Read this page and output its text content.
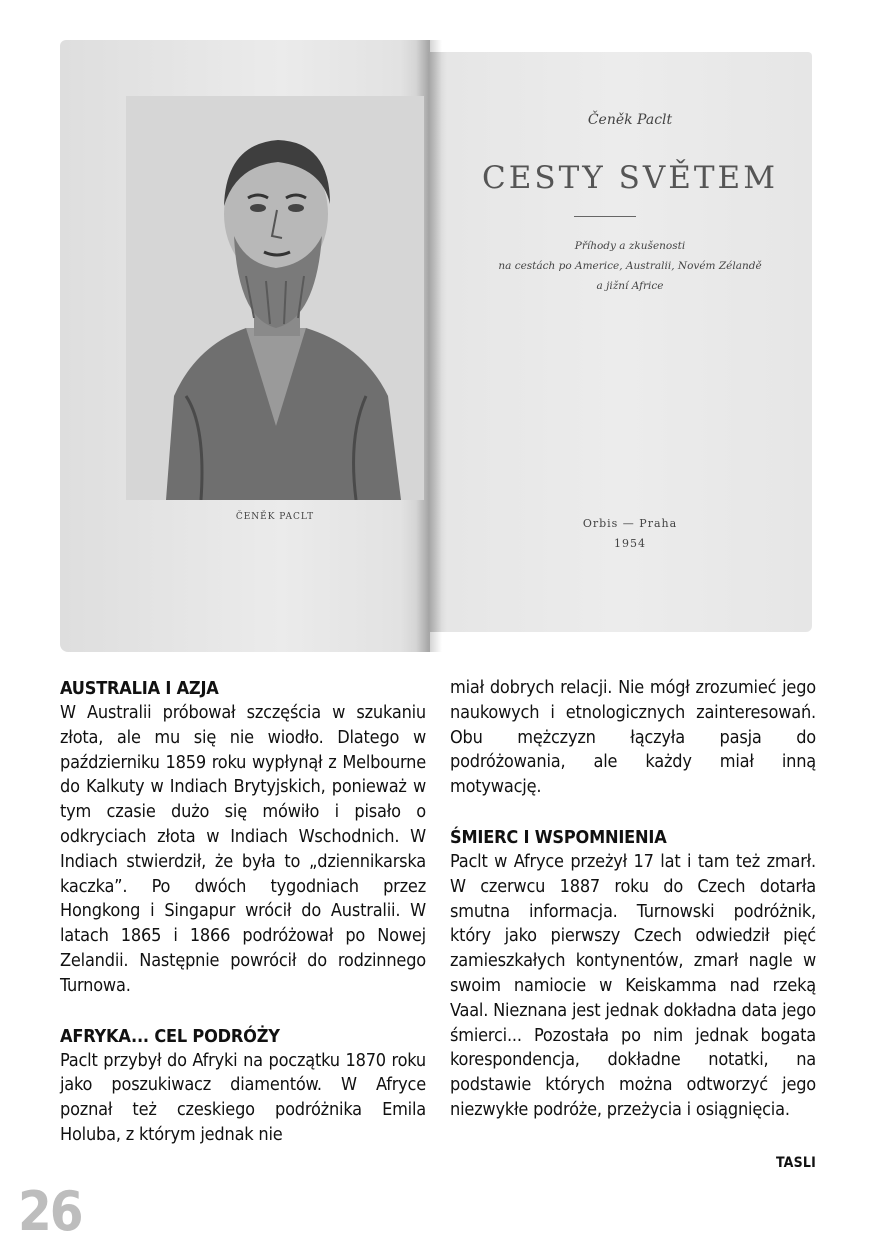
ČENĚK PACLT
Čeněk Paclt
CESTY SVĚTEM
Příhody a zkušenosti
na cestách po Americe, Australii, Novém Zélandě
a jižní Africe
Orbis — Praha
1954
AUSTRALIA I AZJA

W Australii próbował szczęścia w szukaniu złota, ale mu się nie wiodło. Dlatego w październiku 1859 roku wypłynął z Melbourne do Kalkuty w Indiach Brytyjskich, ponieważ w tym czasie dużo się mówiło i pisało o odkryciach złota w Indiach Wschodnich. W Indiach stwierdził, że była to „dziennikarska kaczka”. Po dwóch tygodniach przez Hongkong i Singapur wrócił do Australii. W latach 1865 i 1866 podróżował po Nowej Zelandii. Następnie powrócił do rodzinnego Turnowa.

AFRYKA... CEL PODRÓŻY

Paclt przybył do Afryki na początku 1870 roku jako poszukiwacz diamentów. W Afryce poznał też czeskiego podróżnika Emila Holuba, z którym jednak nie

miał dobrych relacji. Nie mógł zrozumieć jego naukowych i etnologicznych zainteresowań. Obu mężczyzn łączyła pasja do podróżowania, ale każdy miał inną motywację.

ŚMIERC I WSPOMNIENIA

Paclt w Afryce przeżył 17 lat i tam też zmarł. W czerwcu 1887 roku do Czech dotarła smutna informacja. Turnowski podróżnik, który jako pierwszy Czech odwiedził pięć zamieszkałych kontynentów, zmarł nagle w swoim namiocie w Keiskamma nad rzeką Vaal. Nieznana jest jednak dokładna data jego śmierci... Pozostała po nim jednak bogata korespondencja, dokładne notatki, na podstawie których można odtworzyć jego niezwykłe podróże, przeżycia i osiągnięcia.

TASLI
26
